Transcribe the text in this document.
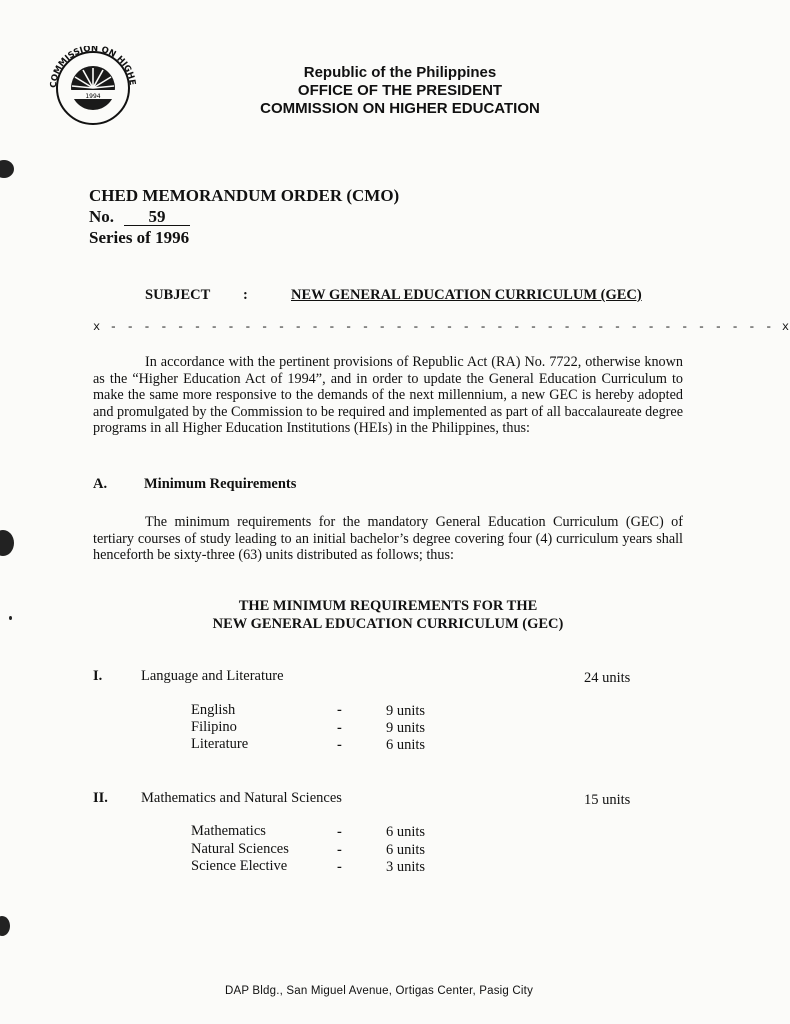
1994
COMMISSION ON HIGHE
Republic of the Philippines
OFFICE OF THE PRESIDENT
COMMISSION ON HIGHER EDUCATION
CHED MEMORANDUM ORDER (CMO)
No. 59
Series of 1996
SUBJECT :	NEW GENERAL EDUCATION CURRICULUM (GEC)
x - - - - - - - - - - - - - - - - - - - - - - - - - - - - - - - - - - - - - - - - x
In accordance with the pertinent provisions of Republic Act (RA) No. 7722, otherwise known as the “Higher Education Act of 1994”, and in order to update the General Education Curriculum to make the same more responsive to the demands of the next millennium, a new GEC is hereby adopted and promulgated by the Commission to be required and implemented as part of all baccalaureate degree programs in all Higher Education Institutions (HEIs) in the Philippines, thus:
A.	Minimum Requirements
The minimum requirements for the mandatory General Education Curriculum (GEC) of tertiary courses of study leading to an initial bachelor’s degree covering four (4) curriculum years shall henceforth be sixty-three (63) units distributed as follows; thus:
THE MINIMUM REQUIREMENTS FOR THE
NEW GENERAL EDUCATION CURRICULUM (GEC)
I.	Language and Literature	24 units
English	-	9 units
Filipino	-	9 units
Literature	-	6 units
II. Mathematics and Natural Sciences	15 units
Mathematics	-	6 units
Natural Sciences	-	6 units
Science Elective	-	3 units
DAP Bldg., San Miguel Avenue, Ortigas Center, Pasig City
